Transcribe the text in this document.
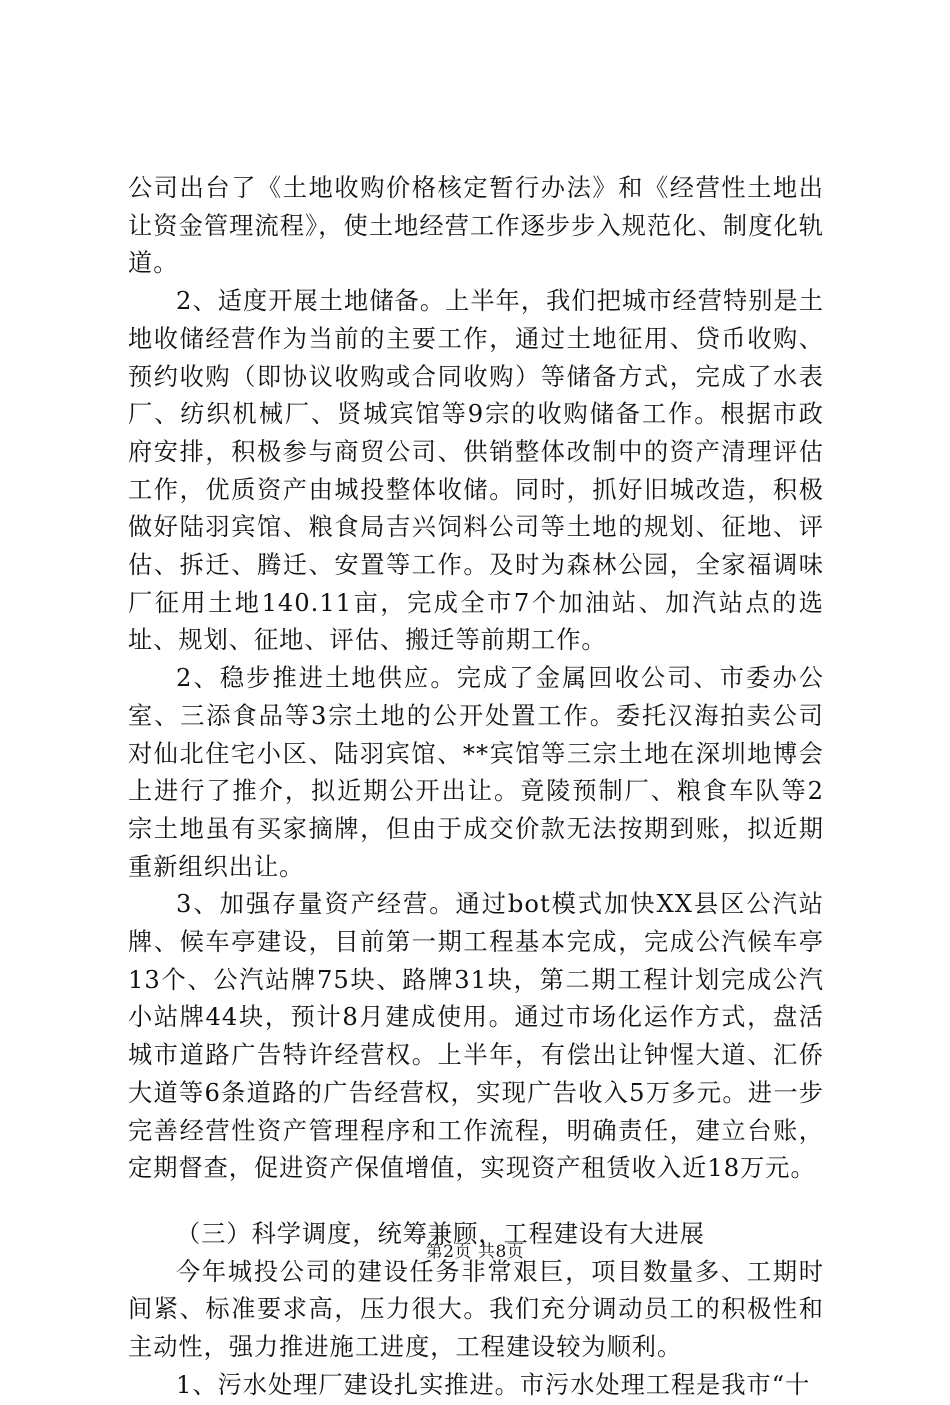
公司出台了《土地收购价格核定暂行办法》和《经营性土地出让资金管理流程》，使土地经营工作逐步步入规范化、制度化轨道。

2、适度开展土地储备。上半年，我们把城市经营特别是土地收储经营作为当前的主要工作，通过土地征用、贷币收购、预约收购（即协议收购或合同收购）等储备方式，完成了水表厂、纺织机械厂、贤城宾馆等9宗的收购储备工作。根据市政府安排，积极参与商贸公司、供销整体改制中的资产清理评估工作，优质资产由城投整体收储。同时，抓好旧城改造，积极做好陆羽宾馆、粮食局吉兴饲料公司等土地的规划、征地、评估、拆迁、腾迁、安置等工作。及时为森林公园，全家福调味厂征用土地140.11亩，完成全市7个加油站、加汽站点的选址、规划、征地、评估、搬迁等前期工作。

2、稳步推进土地供应。完成了金属回收公司、市委办公室、三添食品等3宗土地的公开处置工作。委托汉海拍卖公司对仙北住宅小区、陆羽宾馆、**宾馆等三宗土地在深圳地博会上进行了推介，拟近期公开出让。竟陵预制厂、粮食车队等2宗土地虽有买家摘牌，但由于成交价款无法按期到账，拟近期重新组织出让。

3、加强存量资产经营。通过bot模式加快XX县区公汽站牌、候车亭建设，目前第一期工程基本完成，完成公汽候车亭13个、公汽站牌75块、路牌31块，第二期工程计划完成公汽小站牌44块，预计8月建成使用。通过市场化运作方式，盘活城市道路广告特许经营权。上半年，有偿出让钟惺大道、汇侨大道等6条道路的广告经营权，实现广告收入5万多元。进一步完善经营性资产管理程序和工作流程，明确责任，建立台账，定期督查，促进资产保值增值，实现资产租赁收入近18万元。

（三）科学调度，统筹兼顾，工程建设有大进展

今年城投公司的建设任务非常艰巨，项目数量多、工期时间紧、标准要求高，压力很大。我们充分调动员工的积极性和主动性，强力推进施工进度，工程建设较为顺利。

1、污水处理厂建设扎实推进。市污水处理工程是我市“十

第2页 共8页
